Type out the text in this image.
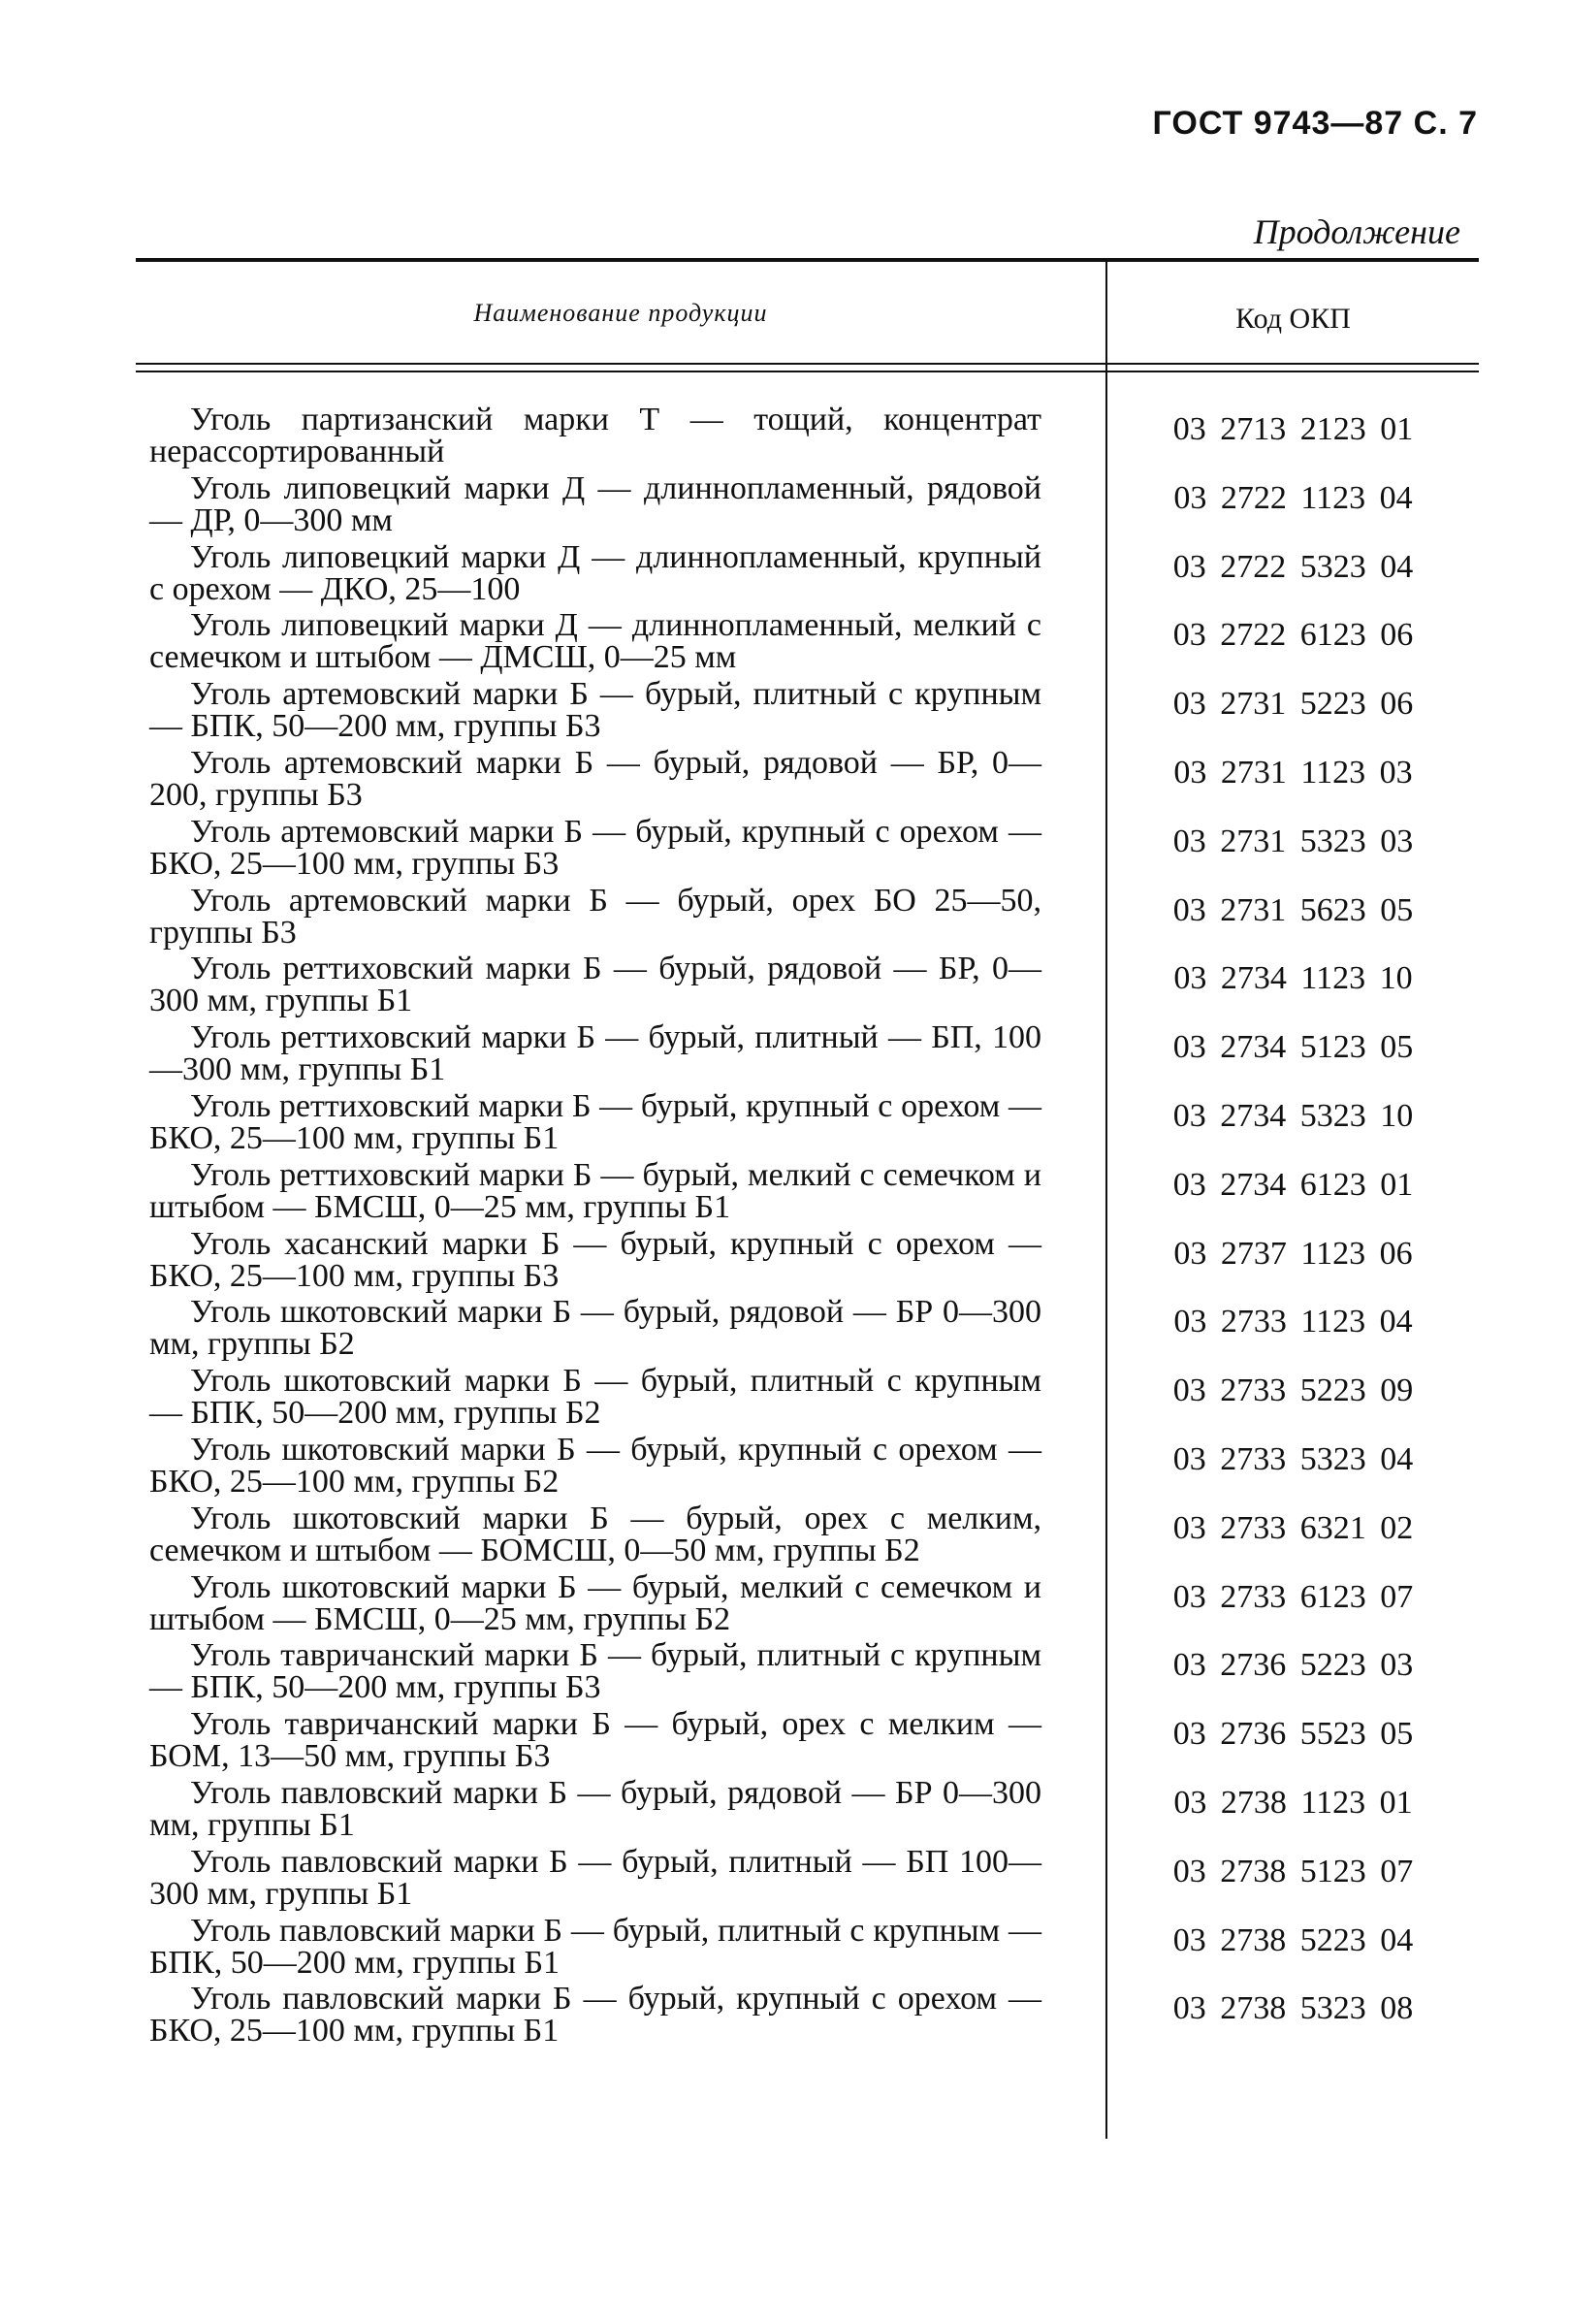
ГОСТ 9743—87 С. 7
Продолжение
Наименование продукции	Код ОКП
Уголь партизанский марки Т — тощий, концентрат нерассортированный
03 2713 2123 01
Уголь липовецкий марки Д — длиннопламенный, рядовой — ДР, 0—300 мм
03 2722 1123 04
Уголь липовецкий марки Д — длиннопламенный, крупный с орехом — ДКО, 25—100
03 2722 5323 04
Уголь липовецкий марки Д — длиннопламенный, мелкий с семечком и штыбом — ДМСШ, 0—25 мм
03 2722 6123 06
Уголь артемовский марки Б — бурый, плитный с крупным — БПК, 50—200 мм, группы Б3
03 2731 5223 06
Уголь артемовский марки Б — бурый, рядовой — БР, 0—200, группы Б3
03 2731 1123 03
Уголь артемовский марки Б — бурый, крупный с орехом — БКО, 25—100 мм, группы Б3
03 2731 5323 03
Уголь артемовский марки Б — бурый, орех БО 25—50, группы Б3
03 2731 5623 05
Уголь реттиховский марки Б — бурый, рядовой — БР, 0—300 мм, группы Б1
03 2734 1123 10
Уголь реттиховский марки Б — бурый, плитный — БП, 100—300 мм, группы Б1
03 2734 5123 05
Уголь реттиховский марки Б — бурый, крупный с орехом — БКО, 25—100 мм, группы Б1
03 2734 5323 10
Уголь реттиховский марки Б — бурый, мелкий с семечком и штыбом — БМСШ, 0—25 мм, группы Б1
03 2734 6123 01
Уголь хасанский марки Б — бурый, крупный с орехом — БКО, 25—100 мм, группы Б3
03 2737 1123 06
Уголь шкотовский марки Б — бурый, рядовой — БР 0—300 мм, группы Б2
03 2733 1123 04
Уголь шкотовский марки Б — бурый, плитный с крупным — БПК, 50—200 мм, группы Б2
03 2733 5223 09
Уголь шкотовский марки Б — бурый, крупный с орехом — БКО, 25—100 мм, группы Б2
03 2733 5323 04
Уголь шкотовский марки Б — бурый, орех с мелким, семечком и штыбом — БОМСШ, 0—50 мм, группы Б2
03 2733 6321 02
Уголь шкотовский марки Б — бурый, мелкий с семечком и штыбом — БМСШ, 0—25 мм, группы Б2
03 2733 6123 07
Уголь тавричанский марки Б — бурый, плитный с крупным — БПК, 50—200 мм, группы Б3
03 2736 5223 03
Уголь тавричанский марки Б — бурый, орех с мелким — БОМ, 13—50 мм, группы Б3
03 2736 5523 05
Уголь павловский марки Б — бурый, рядовой — БР 0—300 мм, группы Б1
03 2738 1123 01
Уголь павловский марки Б — бурый, плитный — БП 100—300 мм, группы Б1
03 2738 5123 07
Уголь павловский марки Б — бурый, плитный с крупным — БПК, 50—200 мм, группы Б1
03 2738 5223 04
Уголь павловский марки Б — бурый, крупный с орехом — БКО, 25—100 мм, группы Б1
03 2738 5323 08
